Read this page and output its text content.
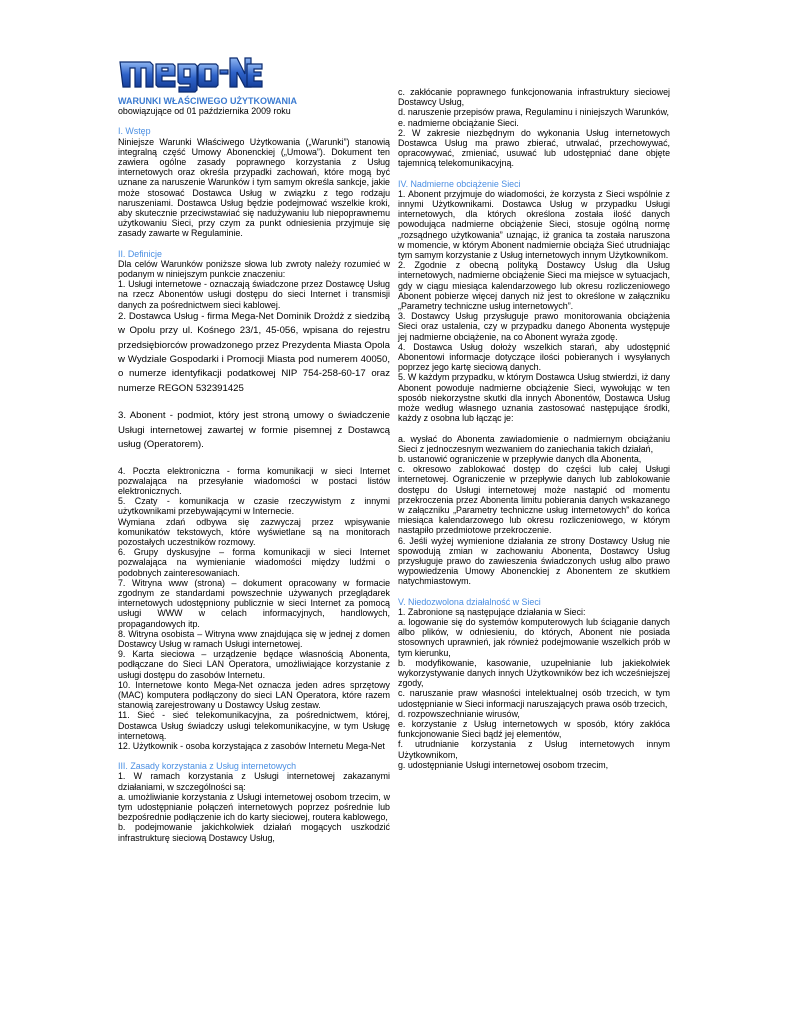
WARUNKI WŁAŚCIWEGO UŻYTKOWANIA

obowiązujące od 01 października 2009 roku

I. Wstęp

Niniejsze Warunki Właściwego Użytkowania („Warunki”) stanowią integralną część Umowy Abonenckiej („Umowa”). Dokument ten zawiera ogólne zasady poprawnego korzystania z Usług internetowych oraz określa przypadki zachowań, które mogą być uznane za naruszenie Warunków i tym samym określa sankcje, jakie może stosować Dostawca Usług w związku z tego rodzaju naruszeniami. Dostawca Usług będzie podejmować wszelkie kroki, aby skutecznie przeciwstawiać się nadużywaniu lub niepoprawnemu użytkowaniu Sieci, przy czym za punkt odniesienia przyjmuje się zasady zawarte w Regulaminie.

II. Definicje

Dla celów Warunków poniższe słowa lub zwroty należy rozumieć w podanym w niniejszym punkcie znaczeniu:

1. Usługi internetowe - oznaczają świadczone przez Dostawcę Usług na rzecz Abonentów usługi dostępu do sieci Internet i transmisji danych za pośrednictwem sieci kablowej.

2. Dostawca Usług - firma Mega-Net Dominik Drożdż z siedzibą w Opolu przy ul. Kośnego 23/1, 45-056, wpisana do rejestru przedsiębiorców prowadzonego przez Prezydenta Miasta Opola w Wydziale Gospodarki i Promocji Miasta pod numerem 40050, o numerze identyfikacji podatkowej NIP 754-258-60-17 oraz numerze REGON 532391425

3. Abonent - podmiot, który jest stroną umowy o świadczenie Usługi internetowej zawartej w formie pisemnej z Dostawcą usług (Operatorem).

4. Poczta elektroniczna - forma komunikacji w sieci Internet pozwalająca na przesyłanie wiadomości w postaci listów elektronicznych.

5. Czaty - komunikacja w czasie rzeczywistym z innymi użytkownikami przebywającymi w Internecie.

Wymiana zdań odbywa się zazwyczaj przez wpisywanie komunikatów tekstowych, które wyświetlane są na monitorach pozostałych uczestników rozmowy.

6. Grupy dyskusyjne – forma komunikacji w sieci Internet pozwalająca na wymienianie wiadomości między ludźmi o podobnych zainteresowaniach.

7. Witryna www (strona) – dokument opracowany w formacie zgodnym ze standardami powszechnie używanych przeglądarek internetowych udostępniony publicznie w sieci Internet za pomocą usługi WWW w celach informacyjnych, handlowych, propagandowych itp.

8. Witryna osobista – Witryna www znajdująca się w jednej z domen Dostawcy Usług w ramach Usługi internetowej.

9. Karta sieciowa – urządzenie będące własnością Abonenta, podłączane do Sieci LAN Operatora, umożliwiające korzystanie z usługi dostępu do zasobów Internetu.

10. Internetowe konto Mega-Net oznacza jeden adres sprzętowy (MAC) komputera podłączony do sieci LAN Operatora, które razem stanowią zarejestrowany u Dostawcy Usług zestaw.

11. Sieć - sieć telekomunikacyjna, za pośrednictwem, której, Dostawca Usług świadczy usługi telekomunikacyjne, w tym Usługę internetową.

12. Użytkownik - osoba korzystająca z zasobów Internetu Mega-Net

III. Zasady korzystania z Usług internetowych

1. W ramach korzystania z Usługi internetowej zakazanymi działaniami, w szczególności są:

a. umożliwianie korzystania z Usługi internetowej osobom trzecim, w tym udostępnianie połączeń internetowych poprzez pośrednie lub bezpośrednie podłączenie ich do karty sieciowej, routera kablowego,

b. podejmowanie jakichkolwiek działań mogących uszkodzić infrastrukturę sieciową Dostawcy Usług,

c. zakłócanie poprawnego funkcjonowania infrastruktury sieciowej Dostawcy Usług,

d. naruszenie przepisów prawa, Regulaminu i niniejszych Warunków,

e. nadmierne obciążanie Sieci.

2. W zakresie niezbędnym do wykonania Usług internetowych Dostawca Usług ma prawo zbierać, utrwalać, przechowywać, opracowywać, zmieniać, usuwać lub udostępniać dane objęte tajemnicą telekomunikacyjną.

IV. Nadmierne obciążenie Sieci

1. Abonent przyjmuje do wiadomości, że korzysta z Sieci wspólnie z innymi Użytkownikami. Dostawca Usług w przypadku Usługi internetowych, dla których określona została ilość danych powodująca nadmierne obciążenie Sieci, stosuje ogólną normę „rozsądnego użytkowania” uznając, iż granica ta została naruszona w momencie, w którym Abonent nadmiernie obciąża Sieć utrudniając tym samym korzystanie z Usług internetowych innym Użytkownikom.

2. Zgodnie z obecną polityką Dostawcy Usług dla Usług internetowych, nadmierne obciążenie Sieci ma miejsce w sytuacjach, gdy w ciągu miesiąca kalendarzowego lub okresu rozliczeniowego Abonent pobierze więcej danych niż jest to określone w załączniku „Parametry techniczne usług internetowych”.

3. Dostawcy Usług przysługuje prawo monitorowania obciążenia Sieci oraz ustalenia, czy w przypadku danego Abonenta występuje jej nadmierne obciążenie, na co Abonent wyraża zgodę.

4. Dostawca Usług dołoży wszelkich starań, aby udostępnić Abonentowi informacje dotyczące ilości pobieranych i wysyłanych poprzez jego kartę sieciową danych.

5. W każdym przypadku, w którym Dostawca Usług stwierdzi, iż dany Abonent powoduje nadmierne obciążenie Sieci, wywołując w ten sposób niekorzystne skutki dla innych Abonentów, Dostawca Usług może według własnego uznania zastosować następujące środki, każdy z osobna lub łącząc je:

a. wysłać do Abonenta zawiadomienie o nadmiernym obciążaniu Sieci z jednoczesnym wezwaniem do zaniechania takich działań,

b. ustanowić ograniczenie w przepływie danych dla Abonenta,

c. okresowo zablokować dostęp do części lub całej Usługi internetowej. Ograniczenie w przepływie danych lub zablokowanie dostępu do Usługi internetowej może nastąpić od momentu przekroczenia przez Abonenta limitu pobierania danych wskazanego w załączniku „Parametry techniczne usług internetowych” do końca miesiąca kalendarzowego lub okresu rozliczeniowego, w którym nastąpiło przedmiotowe przekroczenie.

6. Jeśli wyżej wymienione działania ze strony Dostawcy Usług nie spowodują zmian w zachowaniu Abonenta, Dostawcy Usług przysługuje prawo do zawieszenia świadczonych usług albo prawo wypowiedzenia Umowy Abonenckiej z Abonentem ze skutkiem natychmiastowym.

V. Niedozwolona działalność w Sieci

1. Zabronione są następujące działania w Sieci:

a. logowanie się do systemów komputerowych lub ściąganie danych albo plików, w odniesieniu, do których, Abonent nie posiada stosownych uprawnień, jak również podejmowanie wszelkich prób w tym kierunku,

b. modyfikowanie, kasowanie, uzupełnianie lub jakiekolwiek wykorzystywanie danych innych Użytkowników bez ich wcześniejszej zgody,

c. naruszanie praw własności intelektualnej osób trzecich, w tym udostępnianie w Sieci informacji naruszających prawa osób trzecich,

d. rozpowszechnianie wirusów,

e. korzystanie z Usług internetowych w sposób, który zakłóca funkcjonowanie Sieci bądź jej elementów,

f. utrudnianie korzystania z Usług internetowych innym Użytkownikom,

g. udostępnianie Usługi internetowej osobom trzecim,
